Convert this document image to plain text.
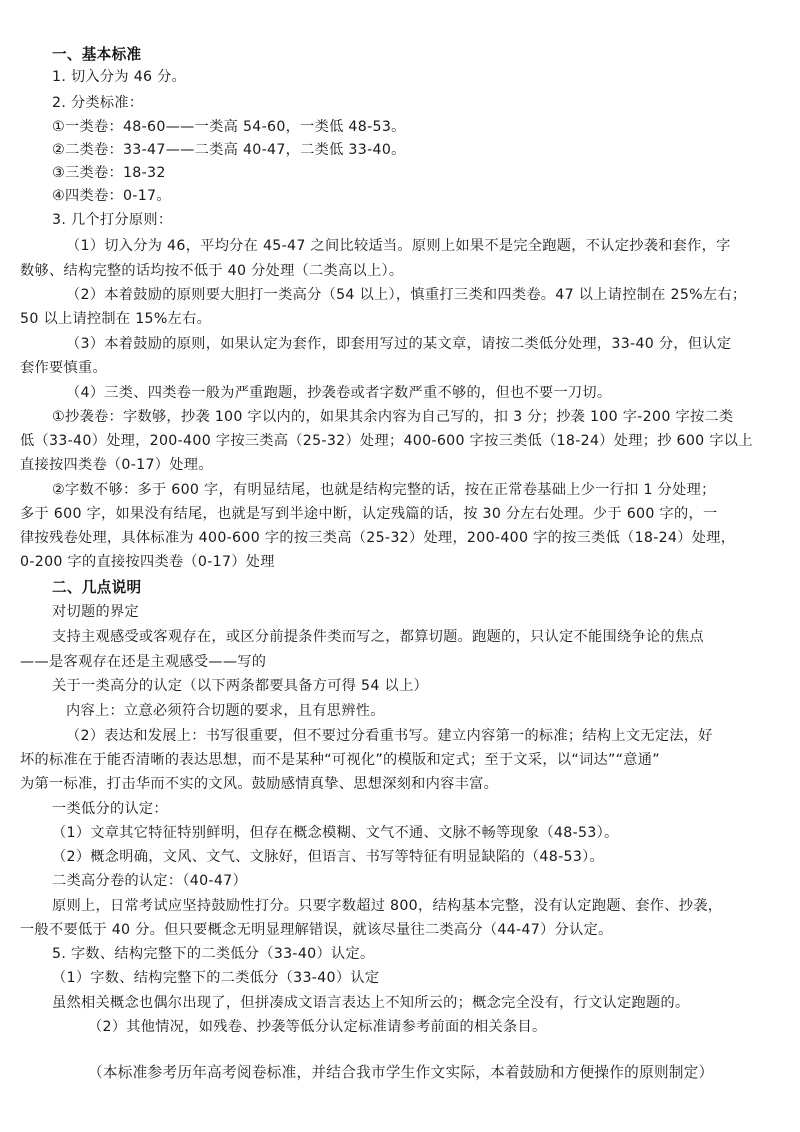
一、基本标准
1. 切入分为 46 分。
2. 分类标准：
①一类卷：48-60——一类高 54-60，一类低 48-53。
②二类卷：33-47——二类高 40-47，二类低 33-40。
③三类卷：18-32
④四类卷：0-17。
3. 几个打分原则：
（1）切入分为 46，平均分在 45-47 之间比较适当。原则上如果不是完全跑题，不认定抄袭和套作，字
数够、结构完整的话均按不低于 40 分处理（二类高以上）。
（2）本着鼓励的原则要大胆打一类高分（54 以上），慎重打三类和四类卷。47 以上请控制在 25%左右；
50 以上请控制在 15%左右。
（3）本着鼓励的原则，如果认定为套作，即套用写过的某文章，请按二类低分处理，33-40 分，但认定
套作要慎重。
（4）三类、四类卷一般为严重跑题，抄袭卷或者字数严重不够的，但也不要一刀切。
①抄袭卷：字数够，抄袭 100 字以内的，如果其余内容为自己写的，扣 3 分；抄袭 100 字-200 字按二类
低（33-40）处理，200-400 字按三类高（25-32）处理；400-600 字按三类低（18-24）处理；抄 600 字以上
直接按四类卷（0-17）处理。
②字数不够：多于 600 字，有明显结尾，也就是结构完整的话，按在正常卷基础上少一行扣 1 分处理；
多于 600 字，如果没有结尾，也就是写到半途中断，认定残篇的话，按 30 分左右处理。少于 600 字的，一
律按残卷处理，具体标准为 400-600 字的按三类高（25-32）处理，200-400 字的按三类低（18-24）处理，
0-200 字的直接按四类卷（0-17）处理
二、几点说明
对切题的界定
支持主观感受或客观存在，或区分前提条件类而写之，都算切题。跑题的，只认定不能围绕争论的焦点
——是客观存在还是主观感受——写的
关于一类高分的认定（以下两条都要具备方可得 54 以上）
内容上：立意必须符合切题的要求，且有思辨性。
（2）表达和发展上：书写很重要，但不要过分看重书写。建立内容第一的标准；结构上文无定法，好
坏的标准在于能否清晰的表达思想，而不是某种“可视化”的模版和定式；至于文采，以“词达”“意通”
为第一标准，打击华而不实的文风。鼓励感情真挚、思想深刻和内容丰富。
一类低分的认定：
（1）文章其它特征特别鲜明，但存在概念模糊、文气不通、文脉不畅等现象（48-53）。
（2）概念明确，文风、文气、文脉好，但语言、书写等特征有明显缺陷的（48-53）。
二类高分卷的认定：（40-47）
原则上，日常考试应坚持鼓励性打分。只要字数超过 800，结构基本完整，没有认定跑题、套作、抄袭，
一般不要低于 40 分。但只要概念无明显理解错误，就该尽量往二类高分（44-47）分认定。
5. 字数、结构完整下的二类低分（33-40）认定。
（1）字数、结构完整下的二类低分（33-40）认定
虽然相关概念也偶尔出现了，但拼凑成文语言表达上不知所云的；概念完全没有，行文认定跑题的。
（2）其他情况，如残卷、抄袭等低分认定标准请参考前面的相关条目。
（本标准参考历年高考阅卷标准，并结合我市学生作文实际，本着鼓励和方便操作的原则制定）
